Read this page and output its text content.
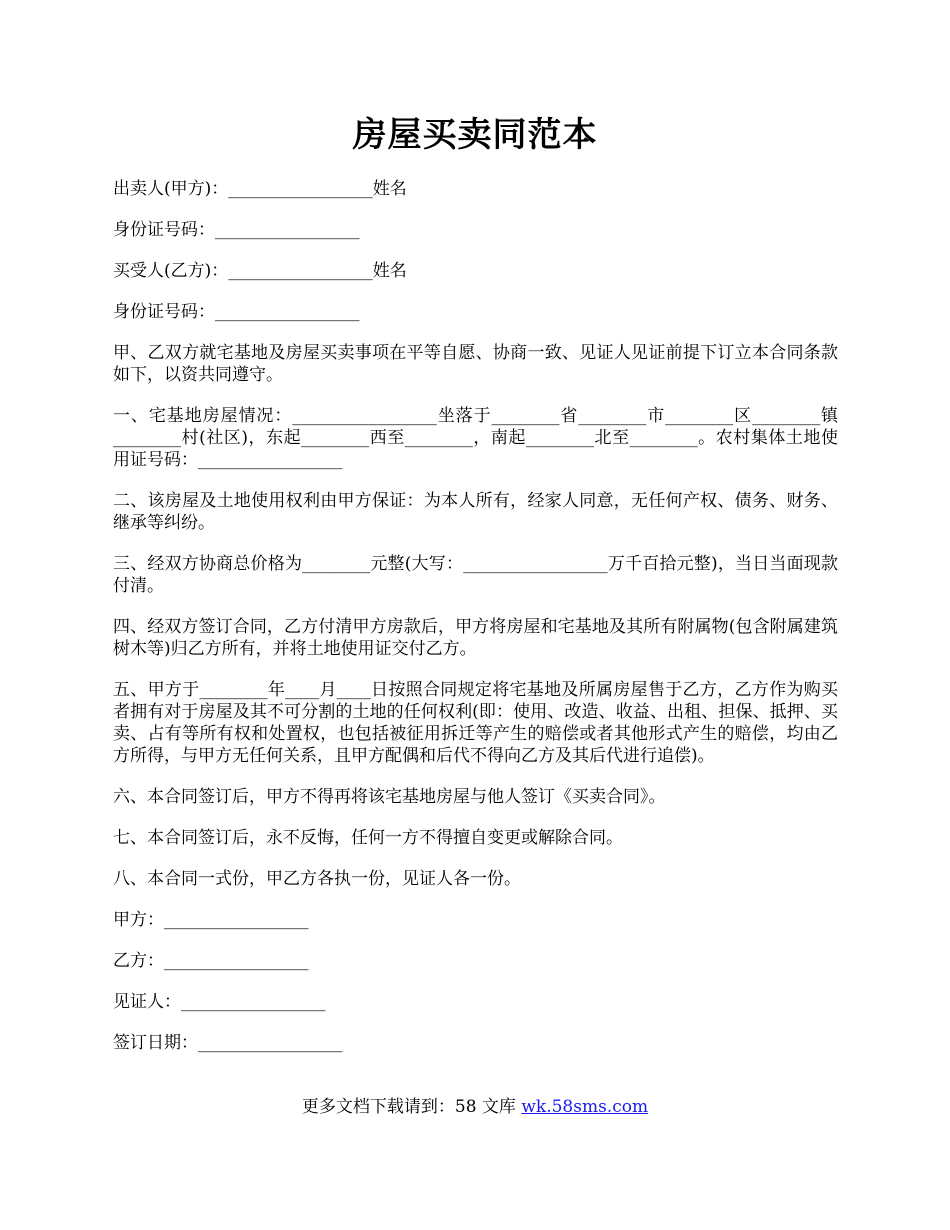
房屋买卖同范本

出卖人(甲方)：_________________姓名

身份证号码：_________________

买受人(乙方)：_________________姓名

身份证号码：_________________

甲、乙双方就宅基地及房屋买卖事项在平等自愿、协商一致、见证人见证前提下订立本合同条款如下，以资共同遵守。

一、宅基地房屋情况：_________________坐落于________省________市________区________镇________村(社区)，东起________西至________，南起________北至________。农村集体土地使用证号码：_________________

二、该房屋及土地使用权利由甲方保证：为本人所有，经家人同意，无任何产权、债务、财务、继承等纠纷。

三、经双方协商总价格为________元整(大写：_________________万千百拾元整)，当日当面现款付清。

四、经双方签订合同，乙方付清甲方房款后，甲方将房屋和宅基地及其所有附属物(包含附属建筑树木等)归乙方所有，并将土地使用证交付乙方。

五、甲方于________年____月____日按照合同规定将宅基地及所属房屋售于乙方，乙方作为购买者拥有对于房屋及其不可分割的土地的任何权利(即：使用、改造、收益、出租、担保、抵押、买卖、占有等所有权和处置权，也包括被征用拆迁等产生的赔偿或者其他形式产生的赔偿，均由乙方所得，与甲方无任何关系，且甲方配偶和后代不得向乙方及其后代进行追偿)。

六、本合同签订后，甲方不得再将该宅基地房屋与他人签订《买卖合同》。

七、本合同签订后，永不反悔，任何一方不得擅自变更或解除合同。

八、本合同一式份，甲乙方各执一份，见证人各一份。

甲方：_________________

乙方：_________________

见证人：_________________

签订日期：_________________

更多文档下载请到：58 文库 wk.58sms.com
